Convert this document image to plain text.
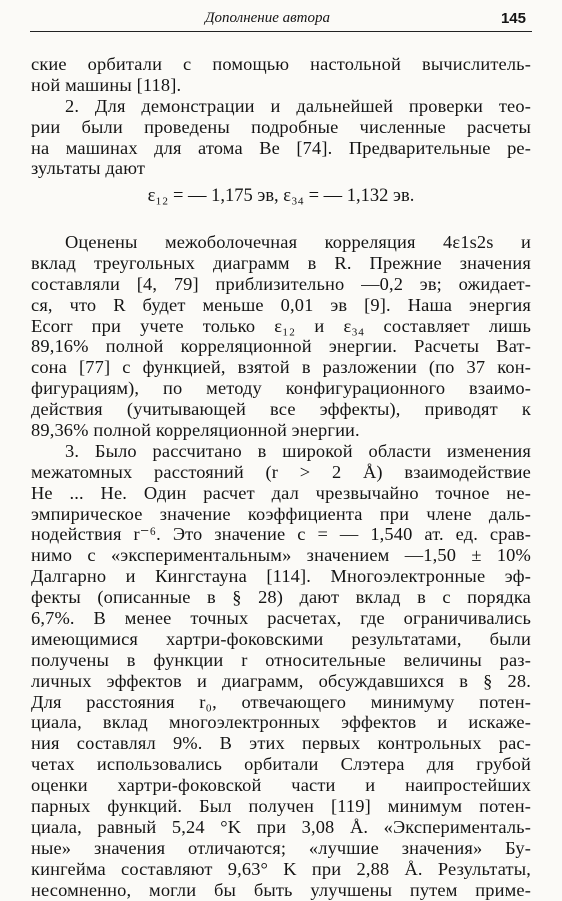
Дополнение автора	145
ские орбитали с помощью настольной вычислитель-
ной машины [118].
2. Для демонстрации и дальнейшей проверки тео-
рии были проведены подробные численные расчеты
на машинах для атома Be [74]. Предварительные ре-
зультаты дают
ε₁₂ = — 1,175 эв, ε₃₄ = — 1,132 эв.
Оценены межоболочечная корреляция 4ε1s2s и
вклад треугольных диаграмм в R. Прежние значения
составляли [4, 79] приблизительно —0,2 эв; ожидает-
ся, что R будет меньше 0,01 эв [9]. Наша энергия
Ecorr при учете только ε₁₂ и ε₃₄ составляет лишь
89,16% полной корреляционной энергии. Расчеты Ват-
сона [77] с функцией, взятой в разложении (по 37 кон-
фигурациям), по методу конфигурационного взаимо-
действия (учитывающей все эффекты), приводят к
89,36% полной корреляционной энергии.
3. Было рассчитано в широкой области изменения
межатомных расстояний (r > 2 Å) взаимодействие
He ... He. Один расчет дал чрезвычайно точное не-
эмпирическое значение коэффициента при члене даль-
нодействия r⁻⁶. Это значение c = — 1,540 ат. ед. срав-
нимо с «экспериментальным» значением —1,50 ± 10%
Далгарно и Кингстауна [114]. Многоэлектронные эф-
фекты (описанные в § 28) дают вклад в c порядка
6,7%. В менее точных расчетах, где ограничивались
имеющимися хартри-фоковскими результатами, были
получены в функции r относительные величины раз-
личных эффектов и диаграмм, обсуждавшихся в § 28.
Для расстояния r₀, отвечающего минимуму потен-
циала, вклад многоэлектронных эффектов и искаже-
ния составлял 9%. В этих первых контрольных рас-
четах использовались орбитали Слэтера для грубой
оценки хартри-фоковской части и наипростейших
парных функций. Был получен [119] минимум потен-
циала, равный 5,24 °K при 3,08 Å. «Эксперименталь-
ные» значения отличаются; «лучшие значения» Бу-
кингейма составляют 9,63° K при 2,88 Å. Результаты,
несомненно, могли бы быть улучшены путем приме-
